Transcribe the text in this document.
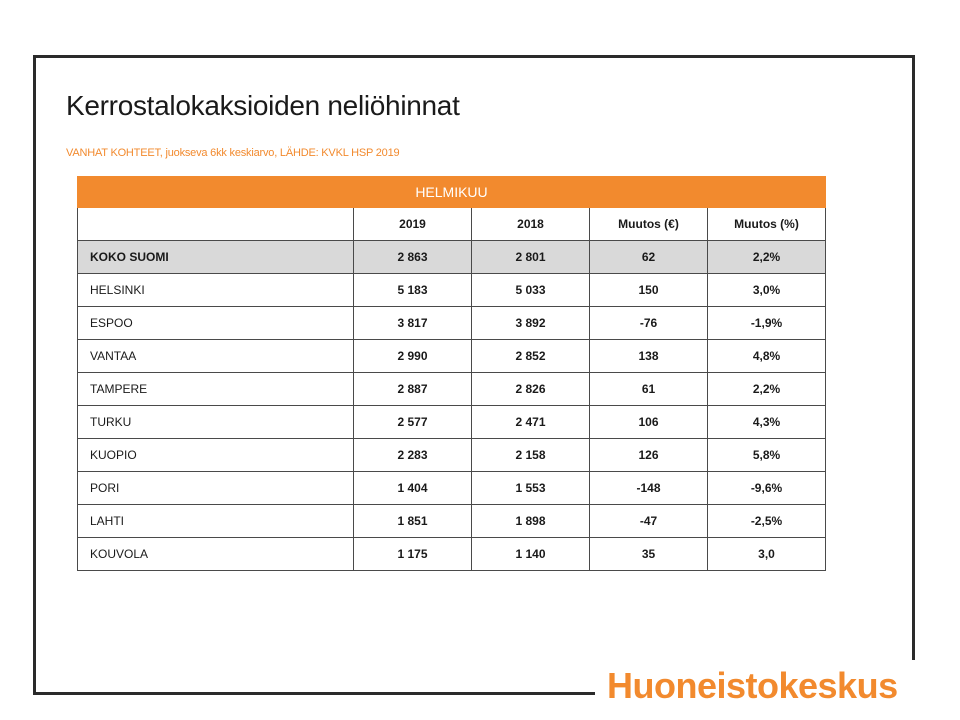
Kerrostalokaksioiden neliöhinnat
VANHAT KOHTEET, juokseva 6kk keskiarvo, LÄHDE: KVKL HSP 2019
HELMIKUU				
	2019	2018	Muutos (€)	Muutos (%)
KOKO SUOMI	2 863	2 801	62	2,2%
HELSINKI	5 183	5 033	150	3,0%
ESPOO	3 817	3 892	-76	-1,9%
VANTAA	2 990	2 852	138	4,8%
TAMPERE	2 887	2 826	61	2,2%
TURKU	2 577	2 471	106	4,3%
KUOPIO	2 283	2 158	126	5,8%
PORI	1 404	1 553	-148	-9,6%
LAHTI	1 851	1 898	-47	-2,5%
KOUVOLA	1 175	1 140	35	3,0
Huoneistokeskus
